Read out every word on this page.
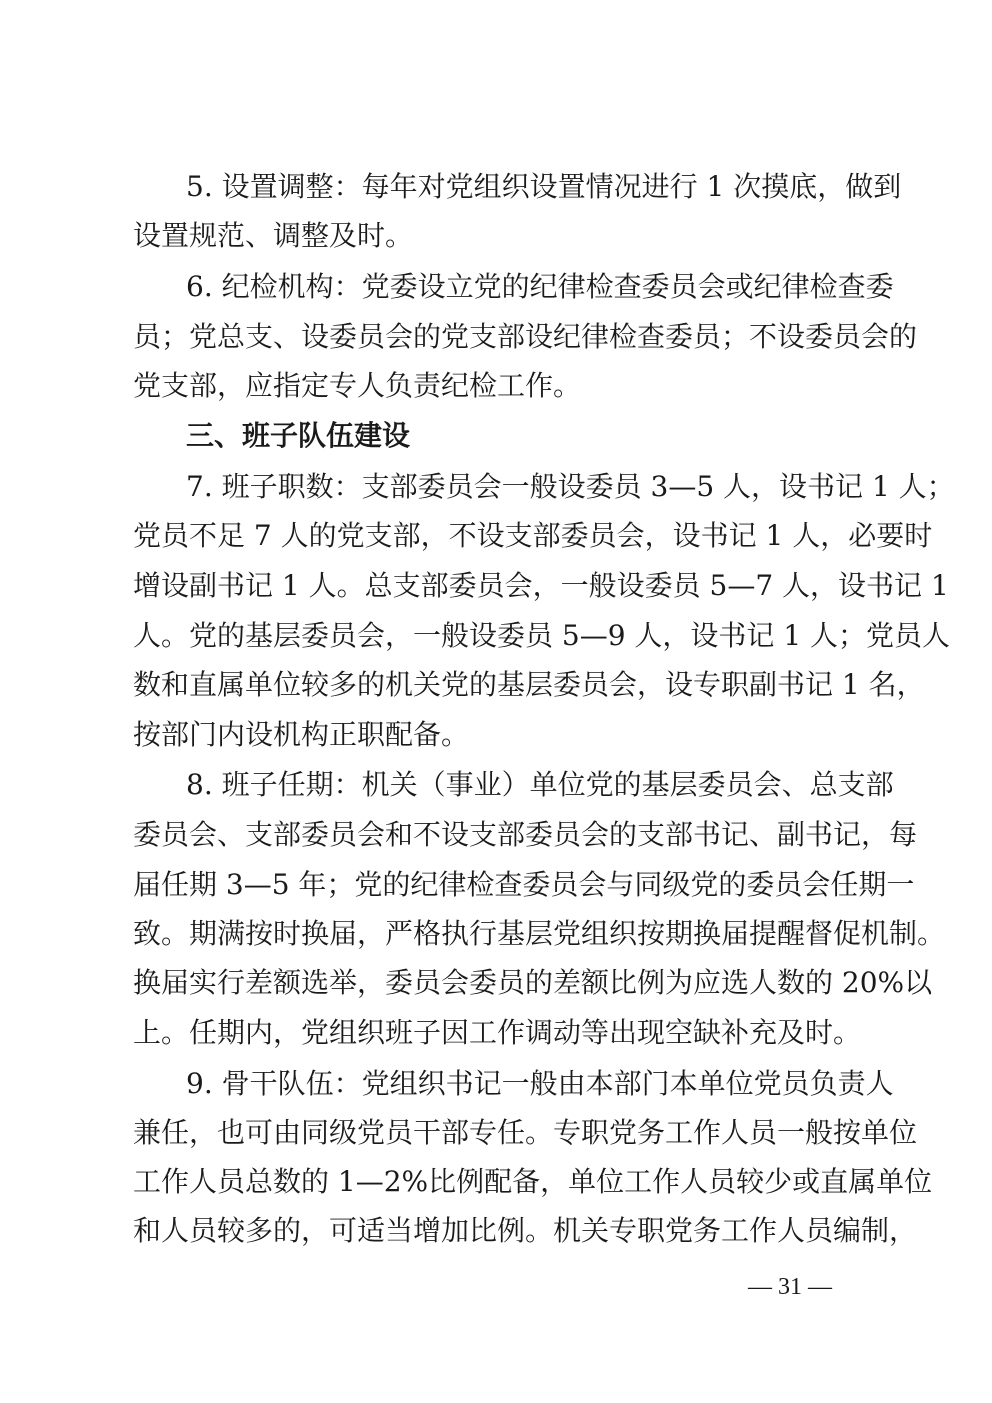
5. 设置调整：每年对党组织设置情况进行 1 次摸底，做到
设置规范、调整及时。
6. 纪检机构：党委设立党的纪律检查委员会或纪律检查委
员；党总支、设委员会的党支部设纪律检查委员；不设委员会的
党支部，应指定专人负责纪检工作。
三、班子队伍建设
7. 班子职数：支部委员会一般设委员 3—5 人，设书记 1 人；
党员不足 7 人的党支部，不设支部委员会，设书记 1 人，必要时
增设副书记 1 人。总支部委员会，一般设委员 5—7 人，设书记 1
人。党的基层委员会，一般设委员 5—9 人，设书记 1 人；党员人
数和直属单位较多的机关党的基层委员会，设专职副书记 1 名，
按部门内设机构正职配备。
8. 班子任期：机关（事业）单位党的基层委员会、总支部
委员会、支部委员会和不设支部委员会的支部书记、副书记，每
届任期 3—5 年；党的纪律检查委员会与同级党的委员会任期一
致。期满按时换届，严格执行基层党组织按期换届提醒督促机制。
换届实行差额选举，委员会委员的差额比例为应选人数的 20%以
上。任期内，党组织班子因工作调动等出现空缺补充及时。
9. 骨干队伍：党组织书记一般由本部门本单位党员负责人
兼任，也可由同级党员干部专任。专职党务工作人员一般按单位
工作人员总数的 1—2%比例配备，单位工作人员较少或直属单位
和人员较多的，可适当增加比例。机关专职党务工作人员编制，
— 31 —
